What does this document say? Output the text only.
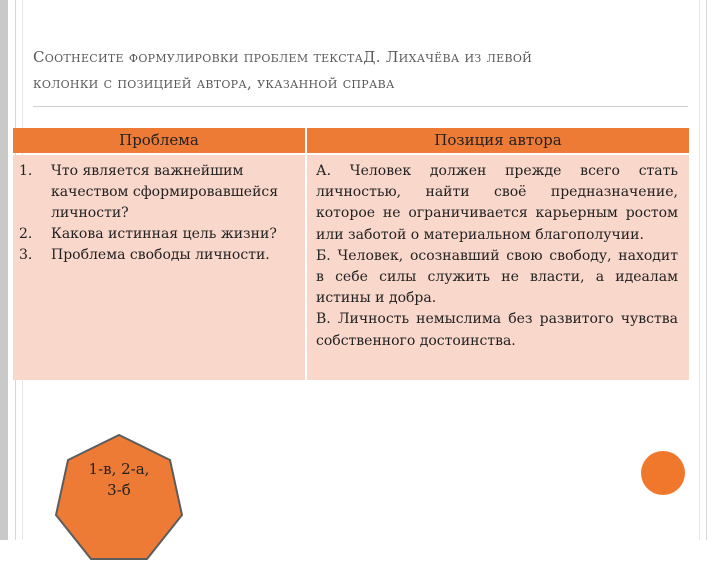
Соотнесите формулировки проблем текстаД. Лихачёва из левой
колонки с позицией автора, указанной справа
Проблема	Позиция автора
1. Что является важнейшим качеством сформировавшейся личности?
2. Какова истинная цель жизни?
3. Проблема свободы личности.

А. Человек должен прежде всего стать личностью, найти своё предназначение, которое не ограничивается карьерным ростом или заботой о материальном благополучии.

Б. Человек, осознавший свою свободу, находит в себе силы служить не власти, а идеалам истины и добра.

В. Личность немыслима без развитого чувства собственного достоинства.

1-в, 2-а,
3-б
